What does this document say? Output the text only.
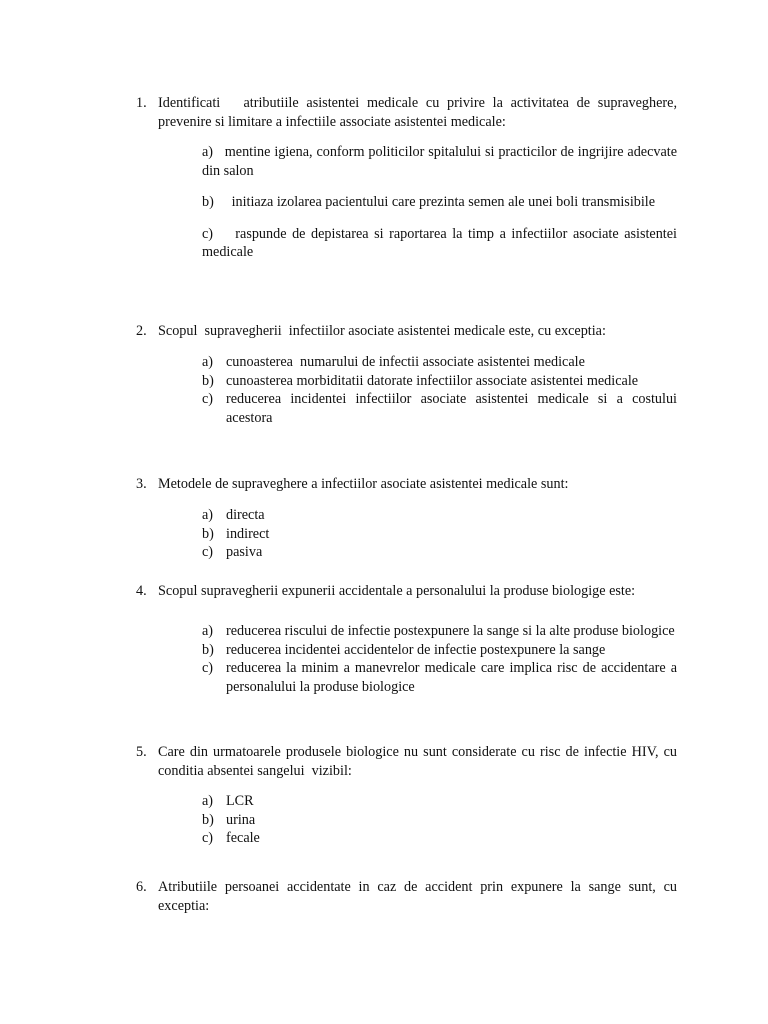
1. Identificati   atributiile asistentei medicale cu privire la activitatea de supraveghere, prevenire si limitare a infectiile associate asistentei medicale:
a) mentine igiena, conform politicilor spitalului si practicilor de ingrijire adecvate din salon
b) initiaza izolarea pacientului care prezinta semen ale unei boli transmisibile
c) raspunde de depistarea si raportarea la timp a infectiilor asociate asistentei medicale
2. Scopul  supravegherii  infectiilor asociate asistentei medicale este, cu exceptia:
a) cunoasterea  numarului de infectii associate asistentei medicale
b) cunoasterea morbiditatii datorate infectiilor associate asistentei medicale
c) reducerea incidentei infectiilor asociate asistentei medicale si a costului acestora
3. Metodele de supraveghere a infectiilor asociate asistentei medicale sunt:
a) directa
b) indirect
c) pasiva
4. Scopul supravegherii expunerii accidentale a personalului la produse biologige este:
a) reducerea riscului de infectie postexpunere la sange si la alte produse biologice
b) reducerea incidentei accidentelor de infectie postexpunere la sange
c) reducerea la minim a manevrelor medicale care implica risc de accidentare a personalului la produse biologice
5. Care din urmatoarele produsele biologice nu sunt considerate cu risc de infectie HIV, cu conditia absentei sangelui  vizibil:
a) LCR
b) urina
c) fecale
6. Atributiile persoanei accidentate in caz de accident prin expunere la sange sunt, cu exceptia:
